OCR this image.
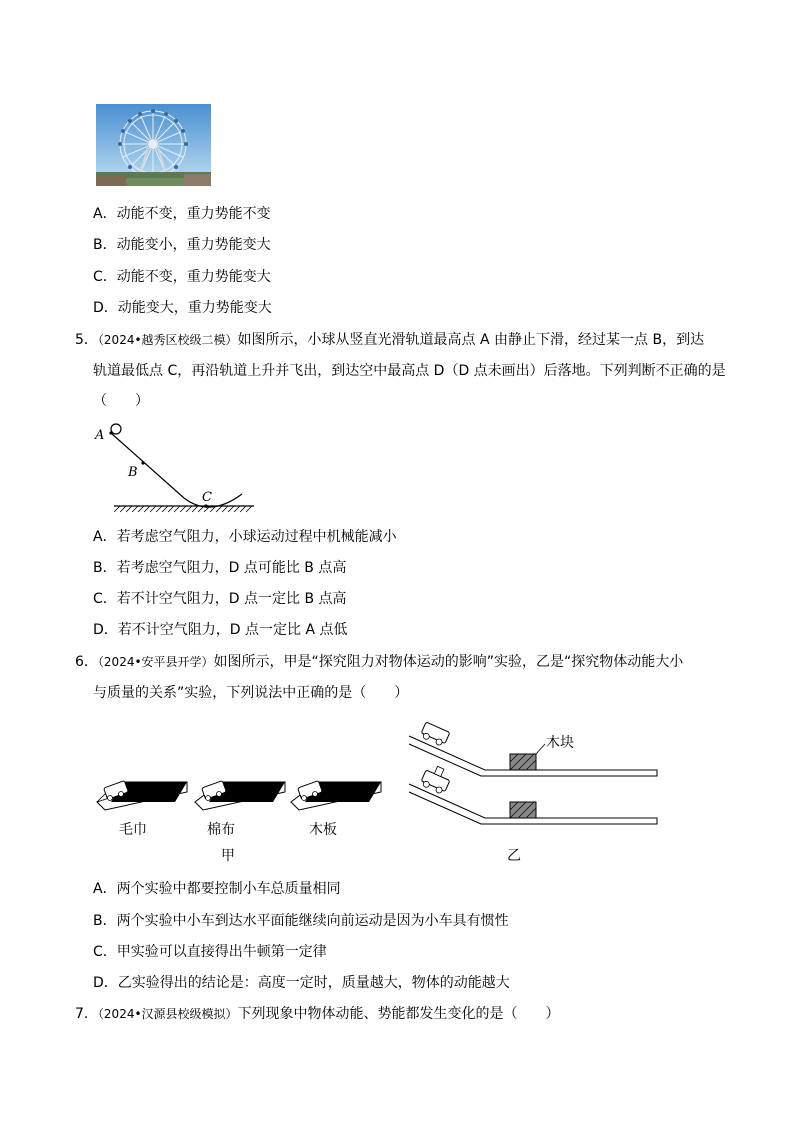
A．动能不变，重力势能不变
B．动能变小，重力势能变大
C．动能不变，重力势能变大
D．动能变大，重力势能变大
5．（2024•越秀区校级二模）如图所示，小球从竖直光滑轨道最高点 A 由静止下滑，经过某一点 B，到达
轨道最低点 C，再沿轨道上升并飞出，到达空中最高点 D（D 点未画出）后落地。下列判断不正确的是
（　　）
A
B
C
A．若考虑空气阻力，小球运动过程中机械能减小
B．若考虑空气阻力，D 点可能比 B 点高
C．若不计空气阻力，D 点一定比 B 点高
D．若不计空气阻力，D 点一定比 A 点低
6．（2024•安平县开学）如图所示，甲是“探究阻力对物体运动的影响”实验，乙是“探究物体动能大小
与质量的关系”实验，下列说法中正确的是（　　）
毛巾	棉布	木板
甲
木块
乙
A．两个实验中都要控制小车总质量相同
B．两个实验中小车到达水平面能继续向前运动是因为小车具有惯性
C．甲实验可以直接得出牛顿第一定律
D．乙实验得出的结论是：高度一定时，质量越大，物体的动能越大
7．（2024•汉源县校级模拟）下列现象中物体动能、势能都发生变化的是（　　）
